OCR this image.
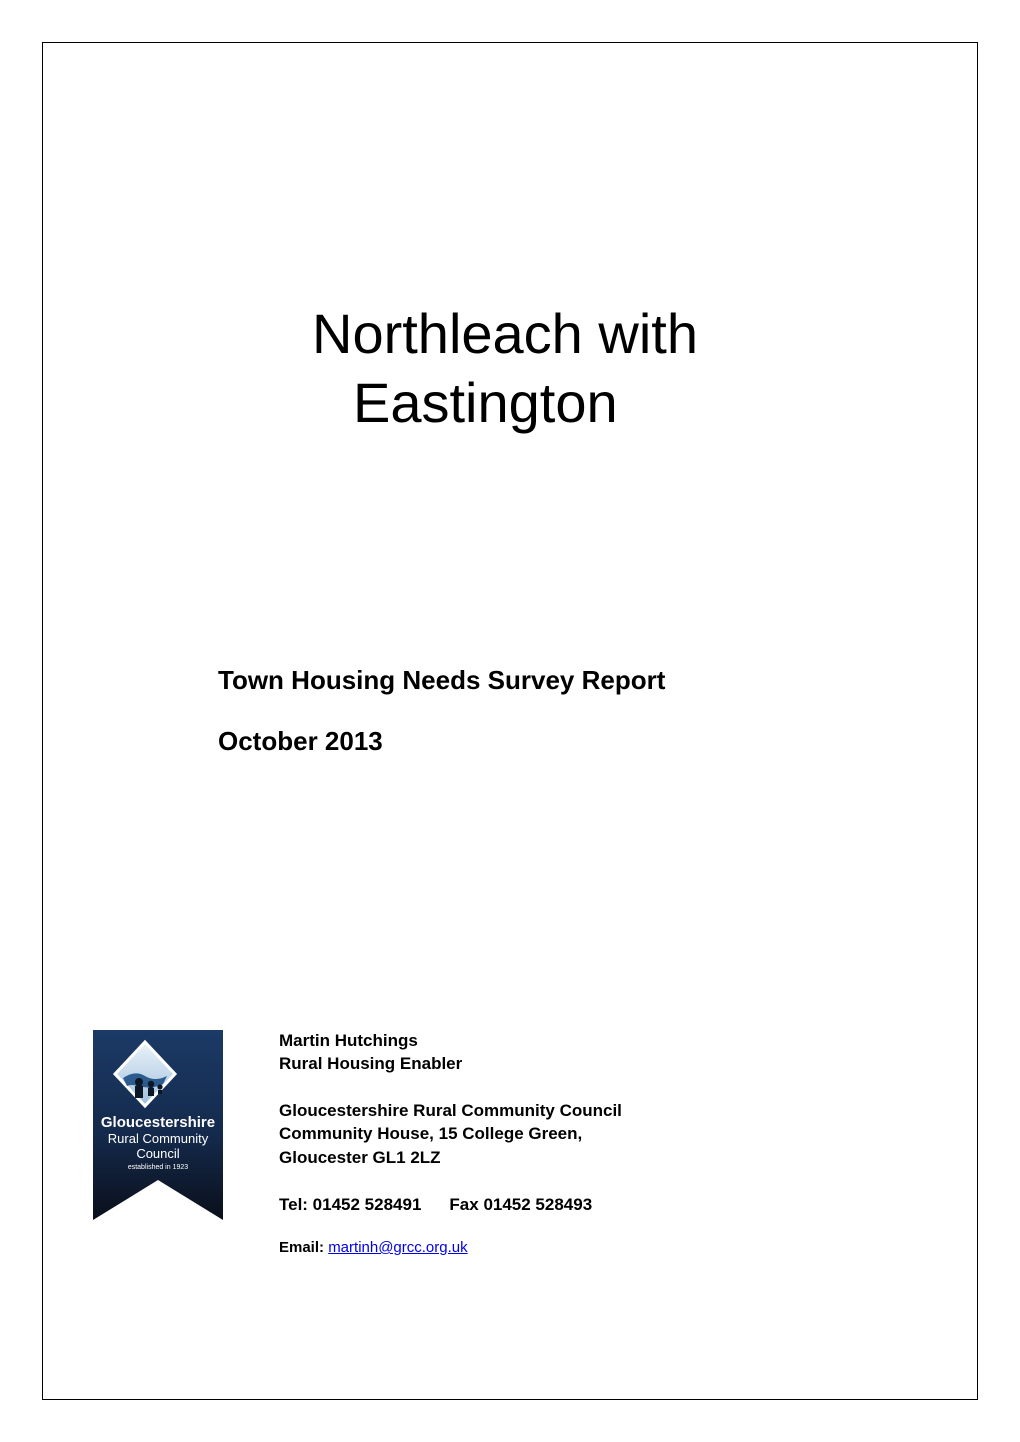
Northleach with
Eastington
Town Housing Needs Survey Report
October 2013
Gloucestershire
Rural Community
Council
established in 1923
Martin Hutchings
Rural Housing Enabler
Gloucestershire Rural Community Council
Community House, 15 College Green,
Gloucester GL1 2LZ
Tel: 01452 528491 Fax 01452 528493
Email: martinh@grcc.org.uk
